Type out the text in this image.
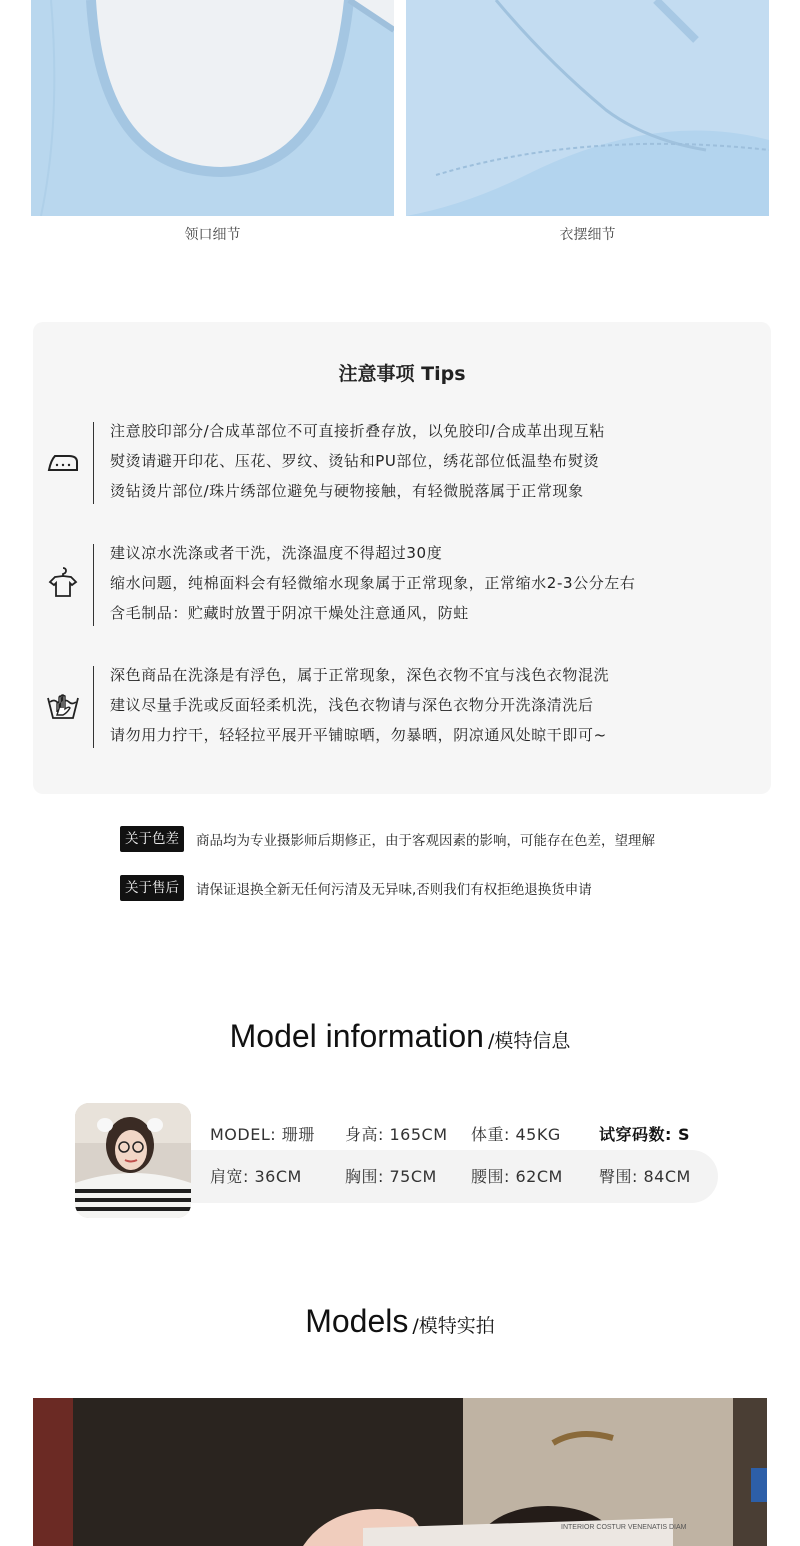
领口细节	衣摆细节
注意事项 Tips
注意胶印部分/合成革部位不可直接折叠存放，以免胶印/合成革出现互粘
熨烫请避开印花、压花、罗纹、烫钻和PU部位，绣花部位低温垫布熨烫
烫钻烫片部位/珠片绣部位避免与硬物接触，有轻微脱落属于正常现象
建议凉水洗涤或者干洗，洗涤温度不得超过30度
缩水问题，纯棉面料会有轻微缩水现象属于正常现象，正常缩水2-3公分左右
含毛制品：贮藏时放置于阴凉干燥处注意通风，防蛀
深色商品在洗涤是有浮色，属于正常现象，深色衣物不宜与浅色衣物混洗
建议尽量手洗或反面轻柔机洗，浅色衣物请与深色衣物分开洗涤清洗后
请勿用力拧干，轻轻拉平展开平铺晾晒，勿暴晒，阴凉通风处晾干即可~
关于色差	商品均为专业摄影师后期修正，由于客观因素的影响，可能存在色差，望理解
关于售后	请保证退换全新无任何污清及无异味,否则我们有权拒绝退换货申请
Model information /模特信息
MODEL: 珊珊 身高: 165CM 体重: 45KG 试穿码数: S
肩宽: 36CM	胸围: 75CM 腰围: 62CM 臀围: 84CM
Models /模特实拍
INTERIOR COSTUR VENENATIS DIAM
